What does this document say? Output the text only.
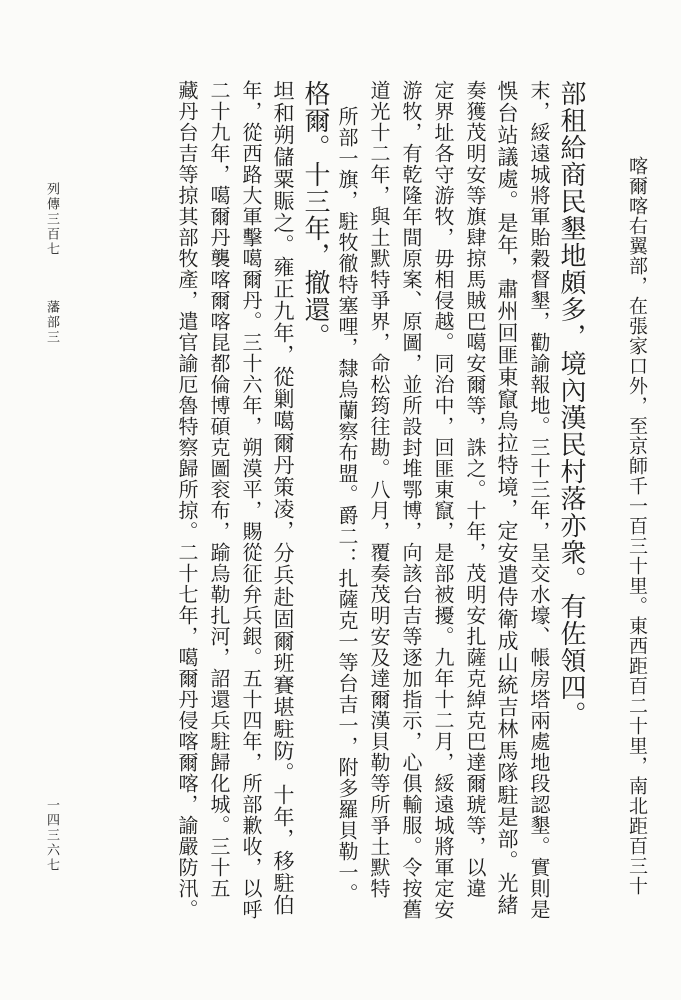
藏丹台吉等掠其部牧產，遣官諭厄魯特察歸所掠。二十七年，噶爾丹侵喀爾喀，諭嚴防汛。 二十九年，噶爾丹襲喀爾喀昆都倫博碩克圖衮布，踰烏勒扎河，詔還兵駐歸化城。三十五 年，從西路大軍擊噶爾丹。三十六年，朔漠平，賜從征弁兵銀。五十四年，所部歉收，以呼 坦和朔儲粟賑之。雍正九年，從剿噶爾丹策凌，分兵赴固爾班賽堪駐防。十年，移駐伯 格爾。十三年，撤還。 所部一旗，駐牧徹特塞哩，隸烏蘭察布盟。爵二：扎薩克一等台吉一，附多羅貝勒一。 道光十二年，與土默特爭界，命松筠往勘。八月，覆奏茂明安及達爾漢貝勒等所爭土默特 游牧，有乾隆年間原案、原圖，並所設封堆鄂博，向該台吉等逐加指示，心俱輸服。令按舊 定界址各守游牧，毋相侵越。同治中，回匪東竄，是部被擾。九年十二月，綏遠城將軍定安 奏獲茂明安等旗肆掠馬賊巴噶安爾等，誅之。十年，茂明安扎薩克綽克巴達爾琥等，以違 悞台站議處。是年，肅州回匪東竄烏拉特境，定安遣侍衛成山統吉林馬隊駐是部。光緒 末，綏遠城將軍貽穀督墾，勸諭報地。三十三年，呈交水壕、帳房塔兩處地段認墾。實則是 部租給商民墾地頗多，境內漢民村落亦衆。有佐領四。 喀爾喀右翼部，在張家口外，至京師千一百三十里。東西距百二十里，南北距百三十
列傳三百七
藩部三
一四三六七
